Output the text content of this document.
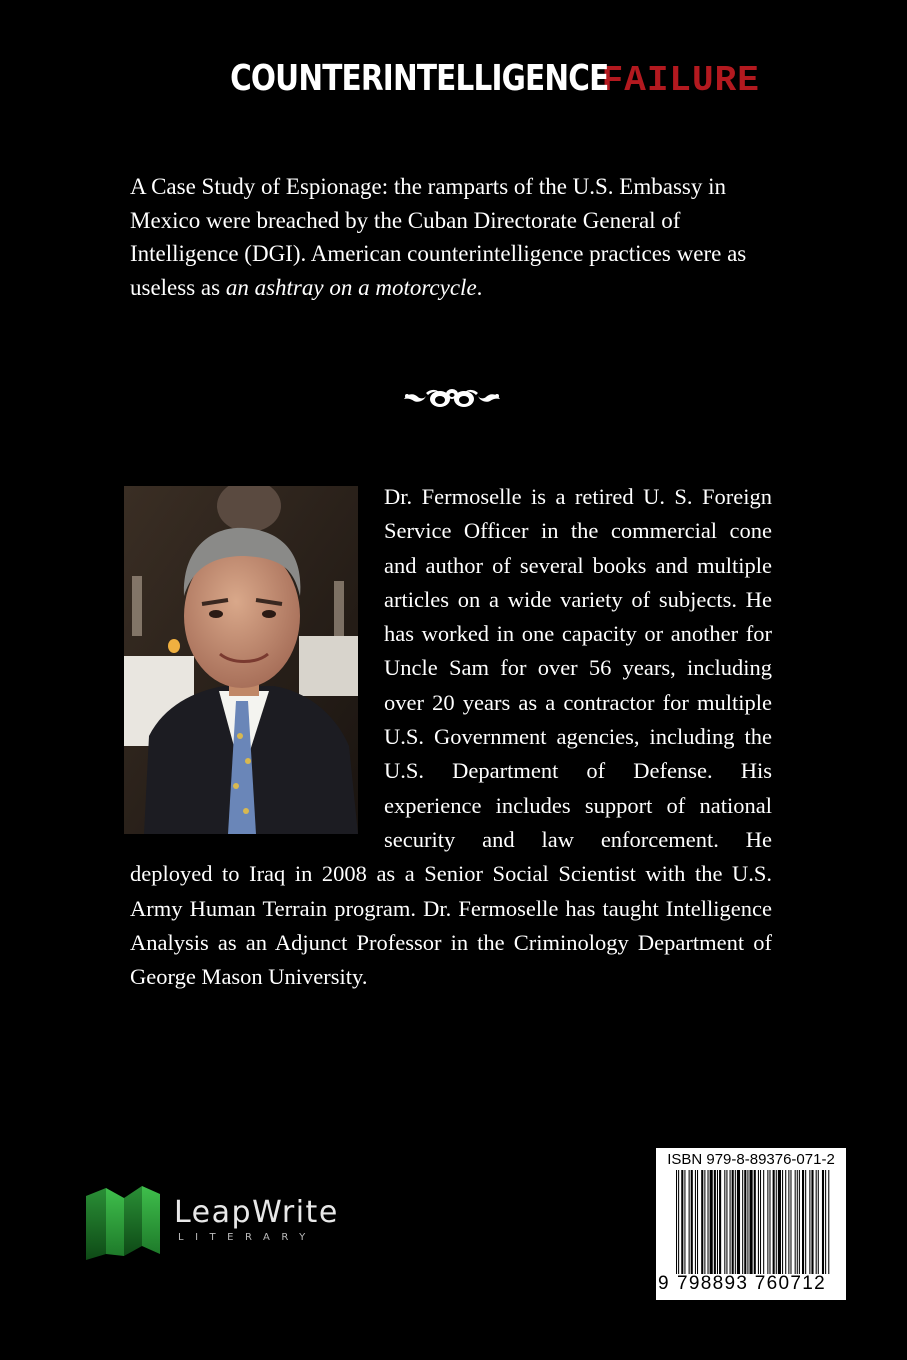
COUNTERINTELLIGENCE FAILURE

A Case Study of Espionage: the ramparts of the U.S. Embassy in Mexico were breached by the Cuban Directorate General of Intelligence (DGI). American counterintelligence practices were as useless as an ashtray on a motorcycle.

Dr. Fermoselle is a retired U. S. Foreign Service Officer in the commercial cone and author of several books and multiple articles on a wide variety of subjects. He has worked in one capacity or another for Uncle Sam for over 56 years, including over 20 years as a contractor for multiple U.S. Government agencies, including the U.S. Department of Defense. His experience includes support of national security and law enforcement. He deployed to Iraq in 2008 as a Senior Social Scientist with the U.S. Army Human Terrain program. Dr. Fermoselle has taught Intelligence Analysis as an Adjunct Professor in the Criminology Department of George Mason University.
LeapWrite
LITERARY
ISBN 979-8-89376-071-2
9 798893 760712
